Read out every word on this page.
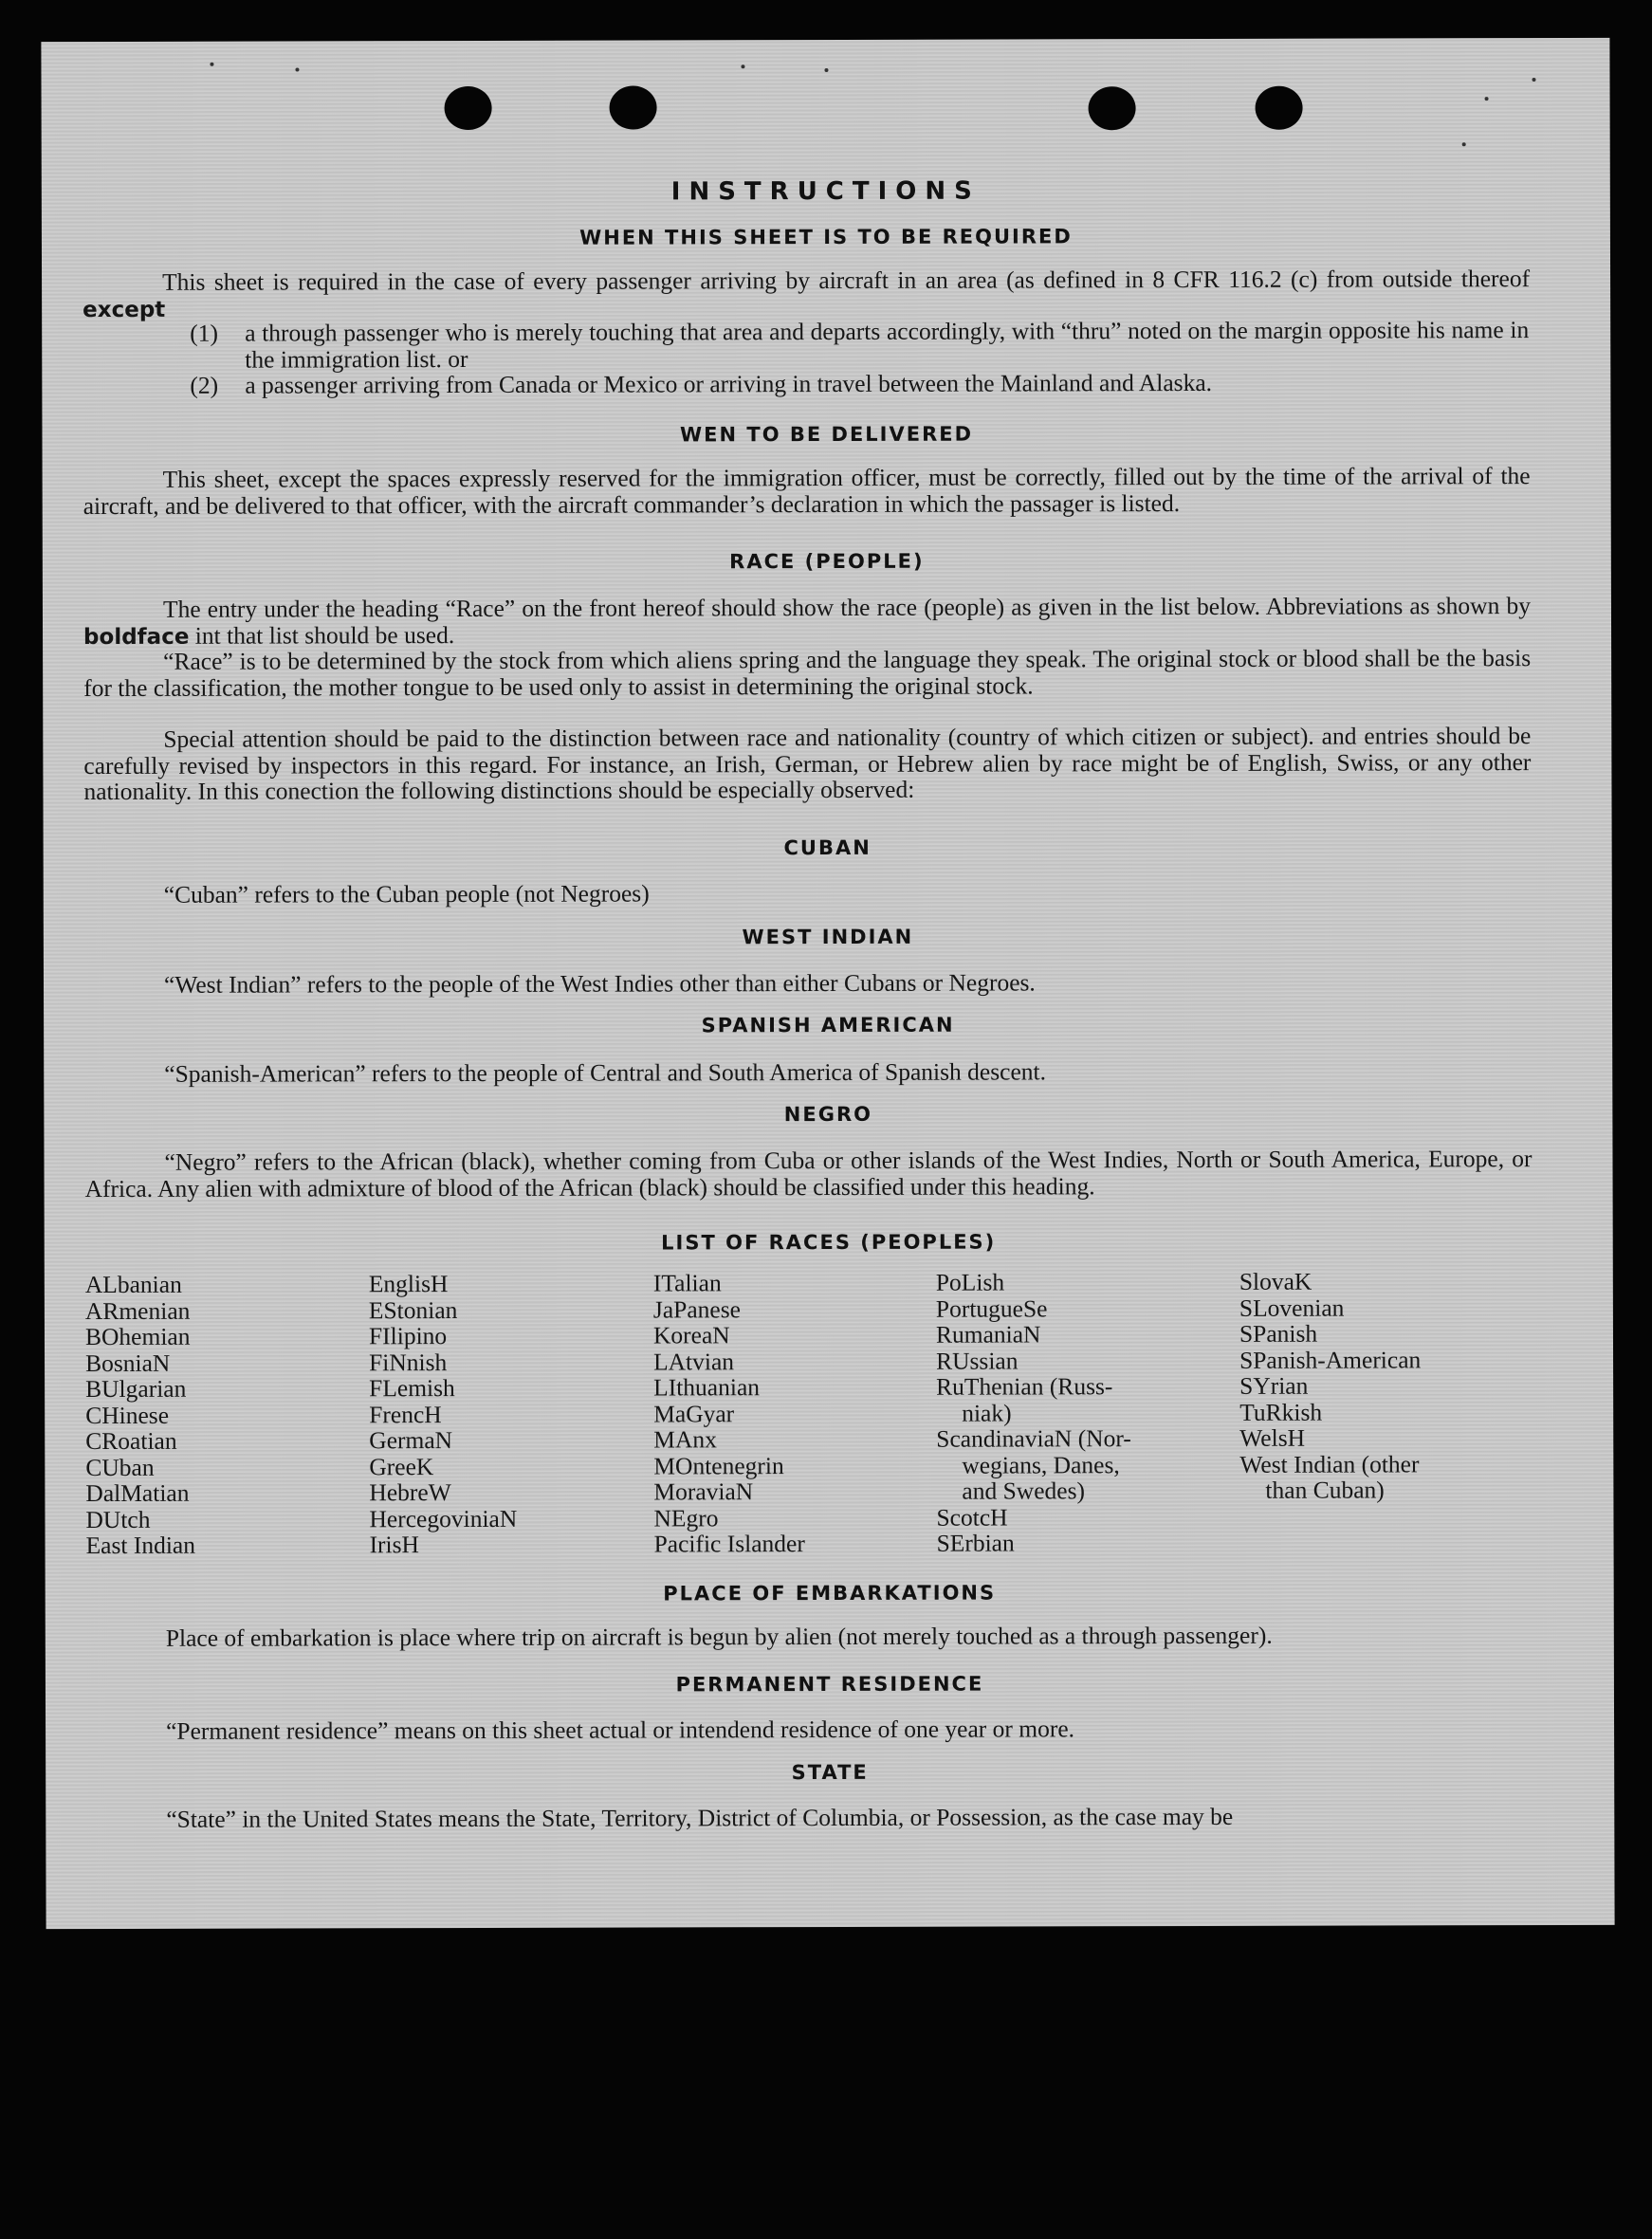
INSTRUCTIONS
WHEN THIS SHEET IS TO BE REQUIRED
This sheet is required in the case of every passenger arriving by aircraft in an area (as defined in 8 CFR 116.2 (c) from outside thereof except
(1) a through passenger who is merely touching that area and departs accordingly, with “thru” noted on the margin opposite his name in the immigration list. or
(2) a passenger arriving from Canada or Mexico or arriving in travel between the Mainland and Alaska.
WEN TO BE DELIVERED
This sheet, except the spaces expressly reserved for the immigration officer, must be correctly, filled out by the time of the arrival of the aircraft, and be delivered to that officer, with the aircraft commander’s declaration in which the passager is listed.
RACE (PEOPLE)
The entry under the heading “Race” on the front hereof should show the race (people) as given in the list below. Abbreviations as shown by boldface int that list should be used.
“Race” is to be determined by the stock from which aliens spring and the language they speak. The original stock or blood shall be the basis for the classification, the mother tongue to be used only to assist in determining the original stock.
Special attention should be paid to the distinction between race and nationality (country of which citizen or subject). and entries should be carefully revised by inspectors in this regard. For instance, an Irish, German, or Hebrew alien by race might be of English, Swiss, or any other nationality. In this conection the following distinctions should be especially observed:
CUBAN
“Cuban” refers to the Cuban people (not Negroes)
WEST INDIAN
“West Indian” refers to the people of the West Indies other than either Cubans or Negroes.
SPANISH AMERICAN
“Spanish-American” refers to the people of Central and South America of Spanish descent.
NEGRO
“Negro” refers to the African (black), whether coming from Cuba or other islands of the West Indies, North or South America, Europe, or Africa. Any alien with admixture of blood of the African (black) should be classified under this heading.
LIST OF RACES (PEOPLES)
ALbanian
ARmenian
BOhemian
BosniaN
BUlgarian
CHinese
CRoatian
CUban
DalMatian
DUtch
East Indian
EnglisH
EStonian
FIlipino
FiNnish
FLemish
FrencH
GermaN
GreeK
HebreW
HercegoviniaN
IrisH
ITalian
JaPanese
KoreaN
LAtvian
LIthuanian
MaGyar
MAnx
MOntenegrin
MoraviaN
NEgro
Pacific Islander
PoLish
PortugueSe
RumaniaN
RUssian
RuThenian (Russ-
niak)
ScandinaviaN (Nor-
wegians, Danes,
and Swedes)
ScotcH
SErbian
SlovaK
SLovenian
SPanish
SPanish-American
SYrian
TuRkish
WelsH
West Indian (other
than Cuban)
PLACE OF EMBARKATIONS
Place of embarkation is place where trip on aircraft is begun by alien (not merely touched as a through passenger).
PERMANENT RESIDENCE
“Permanent residence” means on this sheet actual or intendend residence of one year or more.
STATE
“State” in the United States means the State, Territory, District of Columbia, or Possession, as the case may be
